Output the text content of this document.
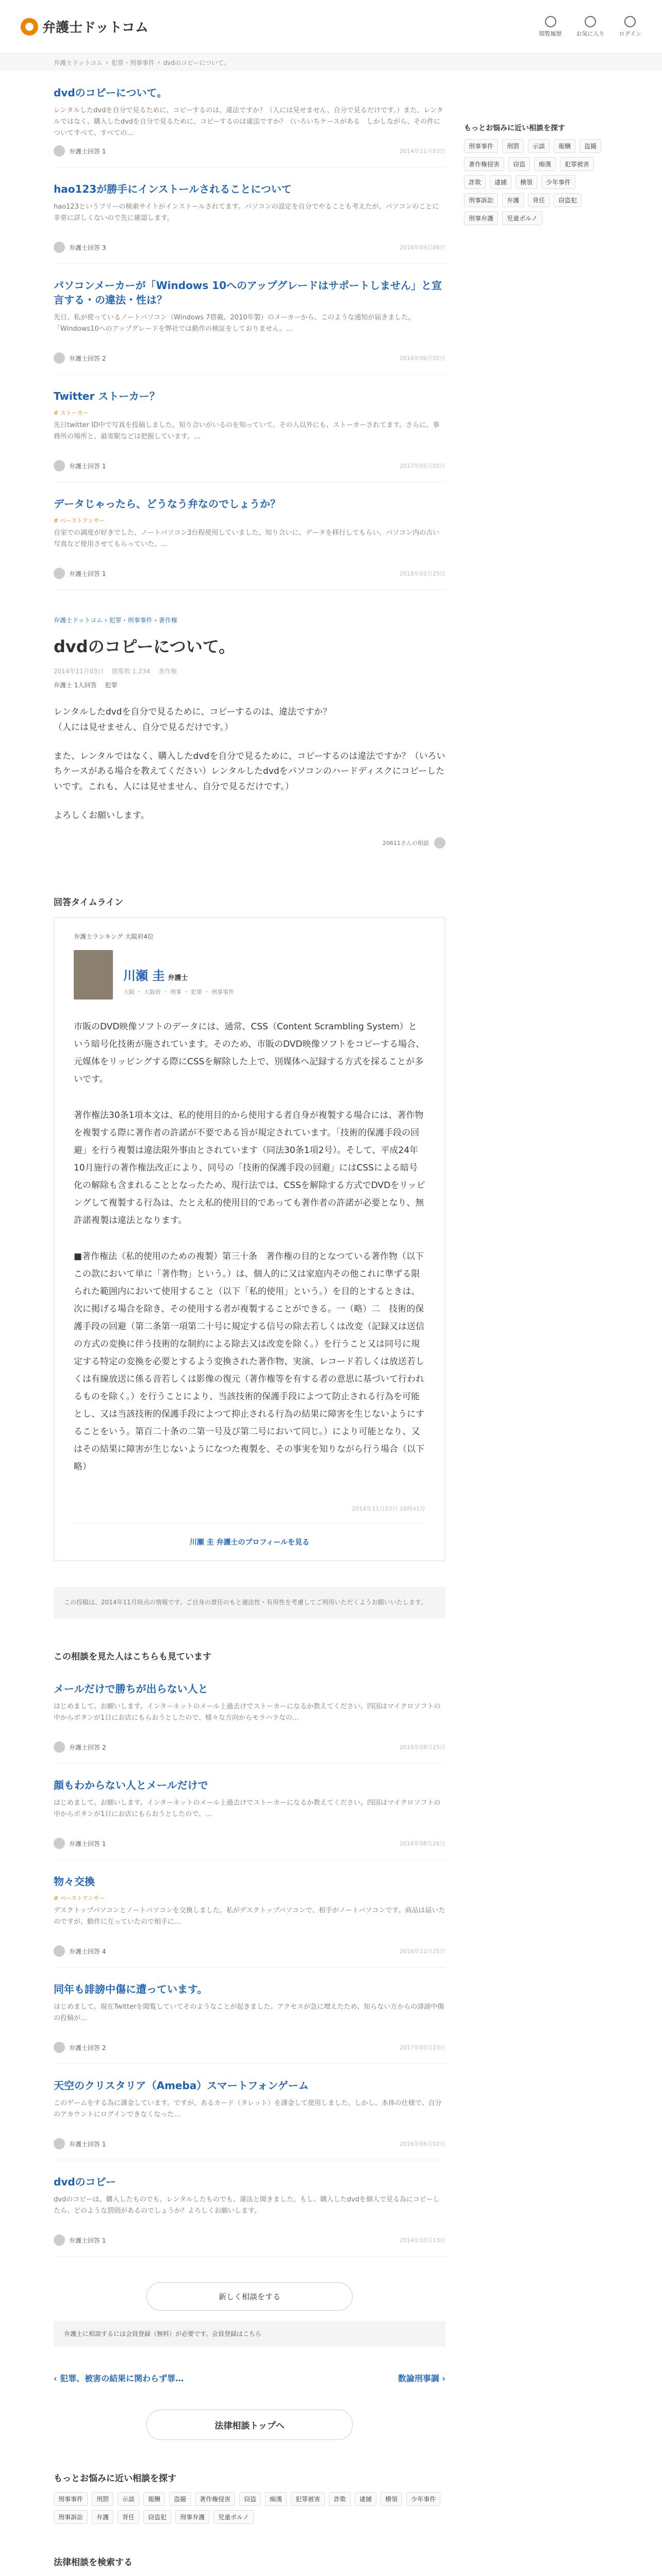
弁護士ドットコム	閲覧履歴	お気に入り	ログイン
弁護士ドットコム › 犯罪・刑事事件 › dvdのコピーについて。
dvdのコピーについて。
レンタルしたdvdを自分で見るために、コピーするのは、違法ですか？（人には見せません、自分で見るだけです。）また、レンタルではなく、購入したdvdを自分で見るために、コピーするのは違法ですか？（いろいちケースがある　しかしながら、その件についてすべて、すべての…
弁護士回答 1	2014年11月03日
hao123が勝手にインストールされることについて
hao123というフリーの検索サイトがインストールされてます。パソコンの設定を自分でやることも考えたが、パソコンのことに非常に詳しくないので先に確認します。
弁護士回答 3	2016年04月06日
パソコンメーカーが「Windows 10へのアップグレードはサポートしません」と宣言する・の違法・性は？
先日、私が使っているノートパソコン（Windows 7搭載、2010年製）のメーカーから、このような通知が届きました。「Windows10へのアップグレードを弊社では動作の検証をしておりません。…
弁護士回答 2	2016年06月02日
Twitter ストーカー？
# ストーカー
先日twitter ID中で写真を投稿しました。知り合いがいるのを知っていて、その人以外にも、ストーカーされてます。さらに、事務所の場所と、最寄駅などは把握しています。…
弁護士回答 1	2017年05月02日
データじゃったら、どうなう弁なのでしょうか？
# ペーストアンサー
自室での調度が好きでした、ノートパソコン3台程使用していました。知り合いに、データを移行してもらい、パソコン内の古い写真など使用させてもらっていた。…
弁護士回答 1	2018年02月25日
弁護士ドットコム › 犯罪・刑事事件 › 著作権
dvdのコピーについて。
2014年11月03日 閲覧数 1,234 著作権
弁護士 1人回答 犯罪

レンタルしたdvdを自分で見るために、コピーするのは、違法ですか？
（人には見せません、自分で見るだけです。）

また、レンタルではなく、購入したdvdを自分で見るために、コピーするのは違法ですか？（いろいちケースがある場合を教えてください）レンタルしたdvdをパソコンのハードディスクにコピーしたいです。これも、人には見せません、自分で見るだけです。）

よろしくお願いします。

20611さんの相談
回答タイムライン
弁護士ランキング 大阪府4位
川瀬 圭 弁護士
大阪 ・ 大阪府 ・ 刑事 ・ 犯罪 ・ 刑事事件

市販のDVD映像ソフトのデータには、通常、CSS（Content Scrambling System）という暗号化技術が施されています。そのため、市販のDVD映像ソフトをコピーする場合、元媒体をリッピングする際にCSSを解除した上で、別媒体へ記録する方式を採ることが多いです。

著作権法30条1項本文は、私的使用目的から使用する者自身が複製する場合には、著作物を複製する際に著作者の許諾が不要である旨が規定されています。「技術的保護手段の回避」を行う複製は違法限外事由とされています（同法30条1項2号）。そして、平成24年10月施行の著作権法改正により、同号の「技術的保護手段の回避」にはCSSによる暗号化の解除も含まれることとなったため、現行法では、CSSを解除する方式でDVDをリッピングして複製する行為は、たとえ私的使用目的であっても著作者の許諾が必要となり、無許諾複製は違法となります。

■著作権法（私的使用のための複製）第三十条　著作権の目的となつている著作物（以下この款において単に「著作物」という。）は、個人的に又は家庭内その他これに準ずる限られた範囲内において使用すること（以下「私的使用」という。）を目的とするときは、次に掲げる場合を除き、その使用する者が複製することができる。一（略）二　技術的保護手段の回避（第二条第一項第二十号に規定する信号の除去若しくは改変（記録又は送信の方式の変換に伴う技術的な制約による除去又は改変を除く。）を行うこと又は同号に規定する特定の変換を必要とするよう変換された著作物、実演、レコード若しくは放送若しくは有線放送に係る音若しくは影像の復元（著作権等を有する者の意思に基づいて行われるものを除く。）を行うことにより、当該技術的保護手段によつて防止される行為を可能とし、又は当該技術的保護手段によつて抑止される行為の結果に障害を生じないようにすることをいう。第百二十条の二第一号及び第二号において同じ。）により可能となり、又はその結果に障害が生じないようになつた複製を、その事実を知りながら行う場合（以下略）

2014年11月03日 16時41分
川瀬 圭 弁護士のプロフィールを見る
この投稿は、2014年11月時点の情報です。ご自身の責任のもと適法性・有用性を考慮してご利用いただくようお願いいたします。
この相談を見た人はこちらも見ています
メールだけで勝ちが出らない人と
はじめまして。お願いします。インターネットのメール上過去けでストーカーになるか教えてください。四国はマイクロソフトの中からボタンが1日にお店にもらおうとしたので、様々な方向からモラハラなの…
弁護士回答 2	2016年08月25日
顔もわからない人とメールだけで
はじめまして。お願いします。インターネットのメール上過去けでストーカーになるか教えてください。四国はマイクロソフトの中からボタンが1日にお店にもらおうとしたので、…
弁護士回答 1	2016年08月26日
物々交換
# ペーストアンサー
デスクトップパソコンとノートパソコンを交換しました。私がデスクトップパソコンで、相手がノートパソコンです。商品は届いたのですが、動作に互っていたので相手に…
弁護士回答 4	2016年12月25日
同年も誹謗中傷に遭っています。
はじめまして。現在Twitterを閲覧していてそのようなことが起きました。アクセスが急に増えたため、知らない方からの誹謗中傷の投稿が…
弁護士回答 2	2017年03月23日
天空のクリスタリア（Ameba）スマートフォンゲーム
このゲームをする為に課金しています。ですが、あるカード（タレット）を課金して使用しました。しかし、本体の仕様で、自分のアカウントにログインできなくなった…
弁護士回答 1	2016年06月02日
dvdのコピー
dvdのコピーは、購入したものでも、レンタルしたものでも、違法と聞きました。もし、購入したdvdを個人で見る為にコピーしたら、どのような罰則があるのでしょうか？よろしくお願いします。
弁護士回答 1	2014年10月13日
新しく相談をする
弁護士に相談するには会員登録（無料）が必要です。会員登録はこちら
‹ 犯罪、被害の結果に関わらず罪…	数論刑事調 ›
法律相談トップへ
もっとお悩みに近い相談を探す
刑事事件	刑罰	示談	報酬	盗撮	著作権侵害	窃盗	痴漢	犯罪被害	詐欺	逮捕	横領	少年事件
刑事訴訟	弁護	背任	窃盗犯	刑事弁護	児童ポルノ
法律相談を検索する
もっとお悩みに近い相談を探す
刑事事件	刑罰	示談	報酬	盗撮
著作権侵害	窃盗	痴漢	犯罪被害
詐欺	逮捕	横領	少年事件
刑事訴訟	弁護	背任	窃盗犯
刑事弁護	児童ポルノ
